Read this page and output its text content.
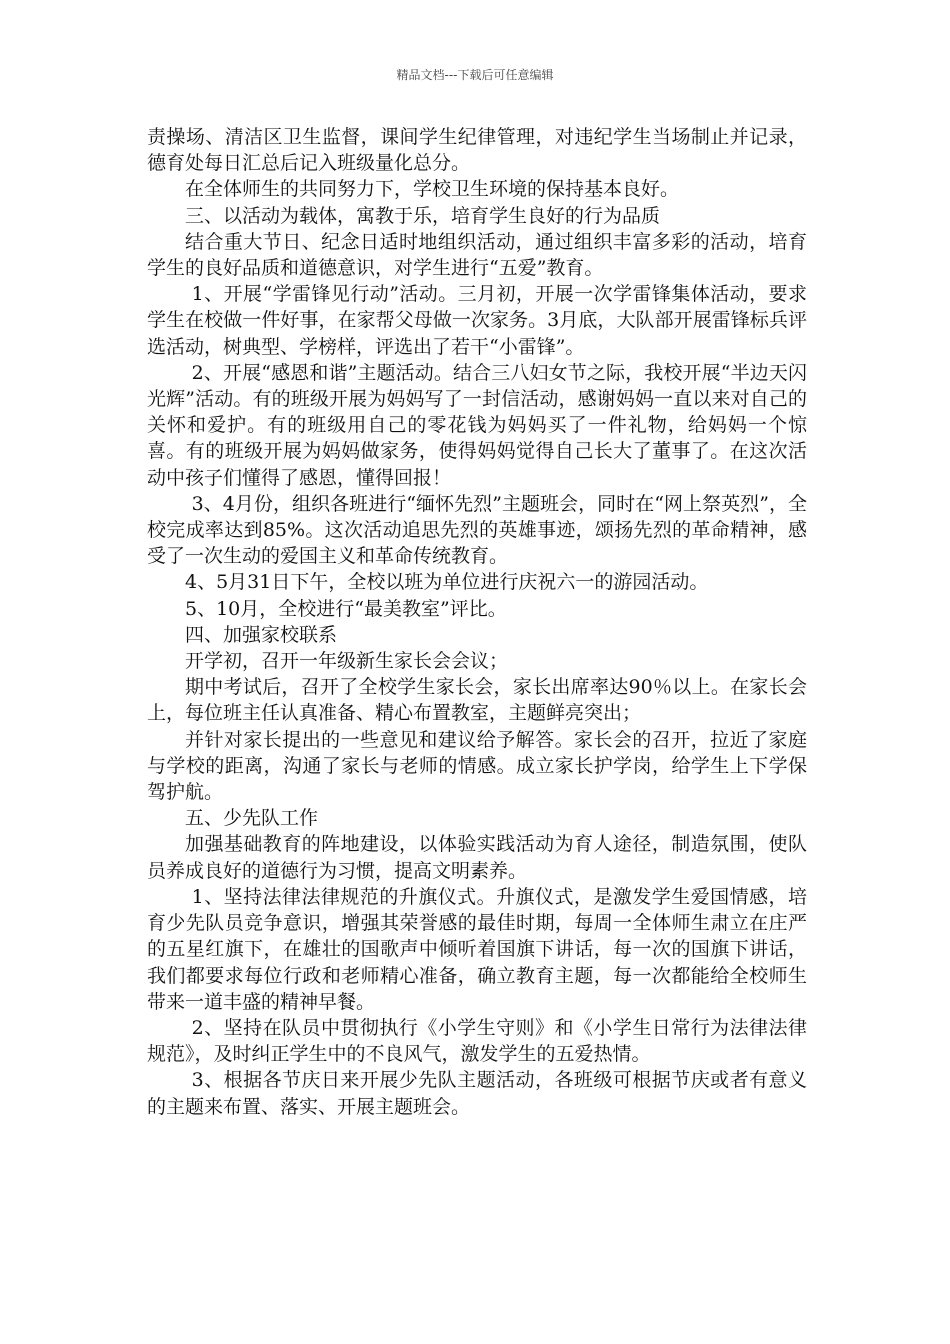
精品文档---下载后可任意编辑

责操场、清洁区卫生监督，课间学生纪律管理，对违纪学生当场制止并记录，德育处每日汇总后记入班级量化总分。

在全体师生的共同努力下，学校卫生环境的保持基本良好。

三、以活动为载体，寓教于乐，培育学生良好的行为品质

结合重大节日、纪念日适时地组织活动，通过组织丰富多彩的活动，培育学生的良好品质和道德意识，对学生进行“五爱”教育。

1、开展“学雷锋见行动”活动。三月初，开展一次学雷锋集体活动，要求学生在校做一件好事，在家帮父母做一次家务。3月底，大队部开展雷锋标兵评选活动，树典型、学榜样，评选出了若干“小雷锋”。

2、开展“感恩和谐”主题活动。结合三八妇女节之际，我校开展“半边天闪光辉”活动。有的班级开展为妈妈写了一封信活动，感谢妈妈一直以来对自己的关怀和爱护。有的班级用自己的零花钱为妈妈买了一件礼物，给妈妈一个惊喜。有的班级开展为妈妈做家务，使得妈妈觉得自己长大了董事了。在这次活动中孩子们懂得了感恩，懂得回报！

3、4月份，组织各班进行“缅怀先烈”主题班会，同时在“网上祭英烈”，全校完成率达到85%。这次活动追思先烈的英雄事迹，颂扬先烈的革命精神，感受了一次生动的爱国主义和革命传统教育。

4、5月31日下午，全校以班为单位进行庆祝六一的游园活动。

5、10月，全校进行“最美教室”评比。

四、加强家校联系

开学初，召开一年级新生家长会会议；

期中考试后，召开了全校学生家长会，家长出席率达90％以上。在家长会上，每位班主任认真准备、精心布置教室，主题鲜亮突出；

并针对家长提出的一些意见和建议给予解答。家长会的召开，拉近了家庭与学校的距离，沟通了家长与老师的情感。成立家长护学岗，给学生上下学保驾护航。

五、少先队工作

加强基础教育的阵地建设，以体验实践活动为育人途径，制造氛围，使队员养成良好的道德行为习惯，提高文明素养。

1、坚持法律法律规范的升旗仪式。升旗仪式，是激发学生爱国情感，培育少先队员竞争意识，增强其荣誉感的最佳时期，每周一全体师生肃立在庄严的五星红旗下，在雄壮的国歌声中倾听着国旗下讲话，每一次的国旗下讲话，我们都要求每位行政和老师精心准备，确立教育主题，每一次都能给全校师生带来一道丰盛的精神早餐。

2、坚持在队员中贯彻执行《小学生守则》和《小学生日常行为法律法律规范》，及时纠正学生中的不良风气，激发学生的五爱热情。

3、根据各节庆日来开展少先队主题活动，各班级可根据节庆或者有意义的主题来布置、落实、开展主题班会。
